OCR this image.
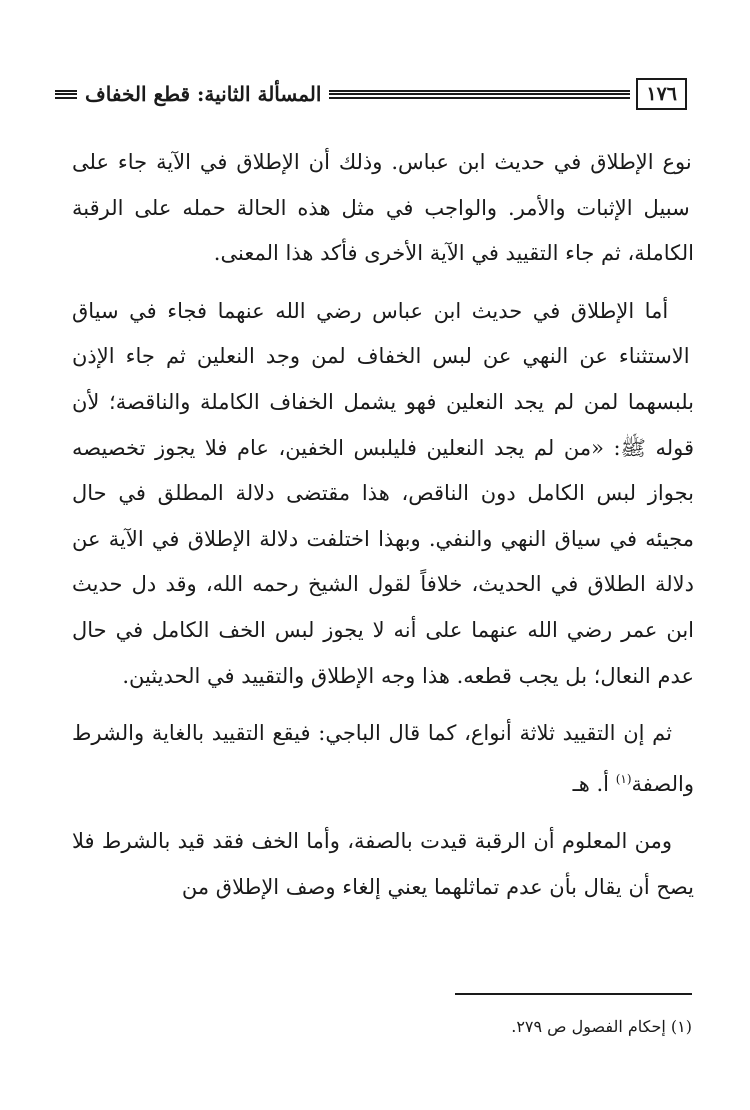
١٧٦
المسألة الثانية: قطع الخفاف

نوع الإطلاق في حديث ابن عباس. وذلك أن الإطلاق في الآية جاء على سبيل الإثبات والأمر. والواجب في مثل هذه الحالة حمله على الرقبة الكاملة، ثم جاء التقييد في الآية الأخرى فأكد هذا المعنى.

أما الإطلاق في حديث ابن عباس رضي الله عنهما فجاء في سياق الاستثناء عن النهي عن لبس الخفاف لمن وجد النعلين ثم جاء الإذن بلبسهما لمن لم يجد النعلين فهو يشمل الخفاف الكاملة والناقصة؛ لأن قوله ﷺ: «من لم يجد النعلين فليلبس الخفين، عام فلا يجوز تخصيصه بجواز لبس الكامل دون الناقص، هذا مقتضى دلالة المطلق في حال مجيئه في سياق النهي والنفي. وبهذا اختلفت دلالة الإطلاق في الآية عن دلالة الطلاق في الحديث، خلافاً لقول الشيخ رحمه الله، وقد دل حديث ابن عمر رضي الله عنهما على أنه لا يجوز لبس الخف الكامل في حال عدم النعال؛ بل يجب قطعه. هذا وجه الإطلاق والتقييد في الحديثين.

ثم إن التقييد ثلاثة أنواع، كما قال الباجي: فيقع التقييد بالغاية والشرط والصفة$^{(١)}$ أ. هـ

ومن المعلوم أن الرقبة قيدت بالصفة، وأما الخف فقد قيد بالشرط فلا يصح أن يقال بأن عدم تماثلهما يعني إلغاء وصف الإطلاق من

(١) إحكام الفصول ص ٢٧٩.
